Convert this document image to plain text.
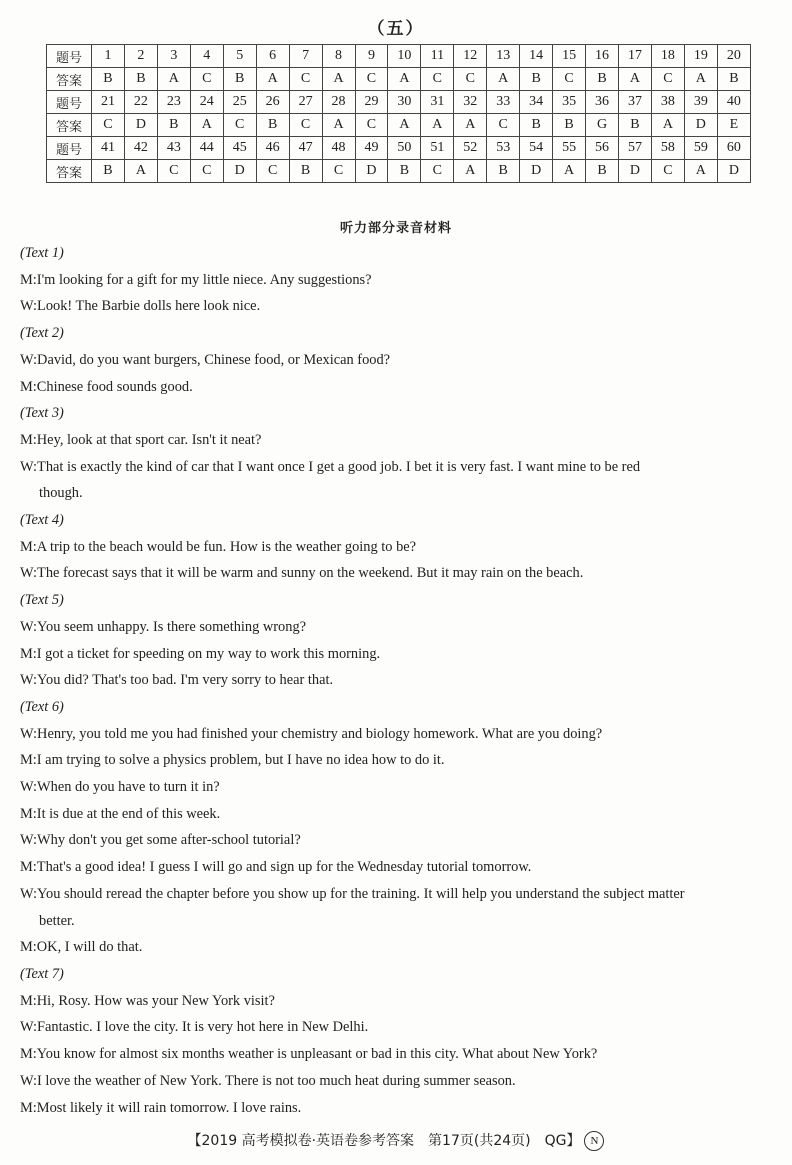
（五）
题号	1	2	3	4	5	6	7	8	9	10	11	12	13	14	15	16	17	18	19	20
答案	B	B	A	C	B	A	C	A	C	A	C	C	A	B	C	B	A	C	A	B
题号	21	22	23	24	25	26	27	28	29	30	31	32	33	34	35	36	37	38	39	40
答案	C	D	B	A	C	B	C	A	C	A	A	A	C	B	B	G	B	A	D	E
题号	41	42	43	44	45	46	47	48	49	50	51	52	53	54	55	56	57	58	59	60
答案	B	A	C	C	D	C	B	C	D	B	C	A	B	D	A	B	D	C	A	D
听力部分录音材料
(Text 1)
M:I'm looking for a gift for my little niece. Any suggestions?
W:Look! The Barbie dolls here look nice.
(Text 2)
W:David, do you want burgers, Chinese food, or Mexican food?
M:Chinese food sounds good.
(Text 3)
M:Hey, look at that sport car. Isn't it neat?
W:That is exactly the kind of car that I want once I get a good job. I bet it is very fast. I want mine to be red
though.
(Text 4)
M:A trip to the beach would be fun. How is the weather going to be?
W:The forecast says that it will be warm and sunny on the weekend. But it may rain on the beach.
(Text 5)
W:You seem unhappy. Is there something wrong?
M:I got a ticket for speeding on my way to work this morning.
W:You did? That's too bad. I'm very sorry to hear that.
(Text 6)
W:Henry, you told me you had finished your chemistry and biology homework. What are you doing?
M:I am trying to solve a physics problem, but I have no idea how to do it.
W:When do you have to turn it in?
M:It is due at the end of this week.
W:Why don't you get some after-school tutorial?
M:That's a good idea! I guess I will go and sign up for the Wednesday tutorial tomorrow.
W:You should reread the chapter before you show up for the training. It will help you understand the subject matter
better.
M:OK, I will do that.
(Text 7)
M:Hi, Rosy. How was your New York visit?
W:Fantastic. I love the city. It is very hot here in New Delhi.
M:You know for almost six months weather is unpleasant or bad in this city. What about New York?
W:I love the weather of New York. There is not too much heat during summer season.
M:Most likely it will rain tomorrow. I love rains.
【2019 高考模拟卷·英语卷参考答案　第17页(共24页)　QG】 N
